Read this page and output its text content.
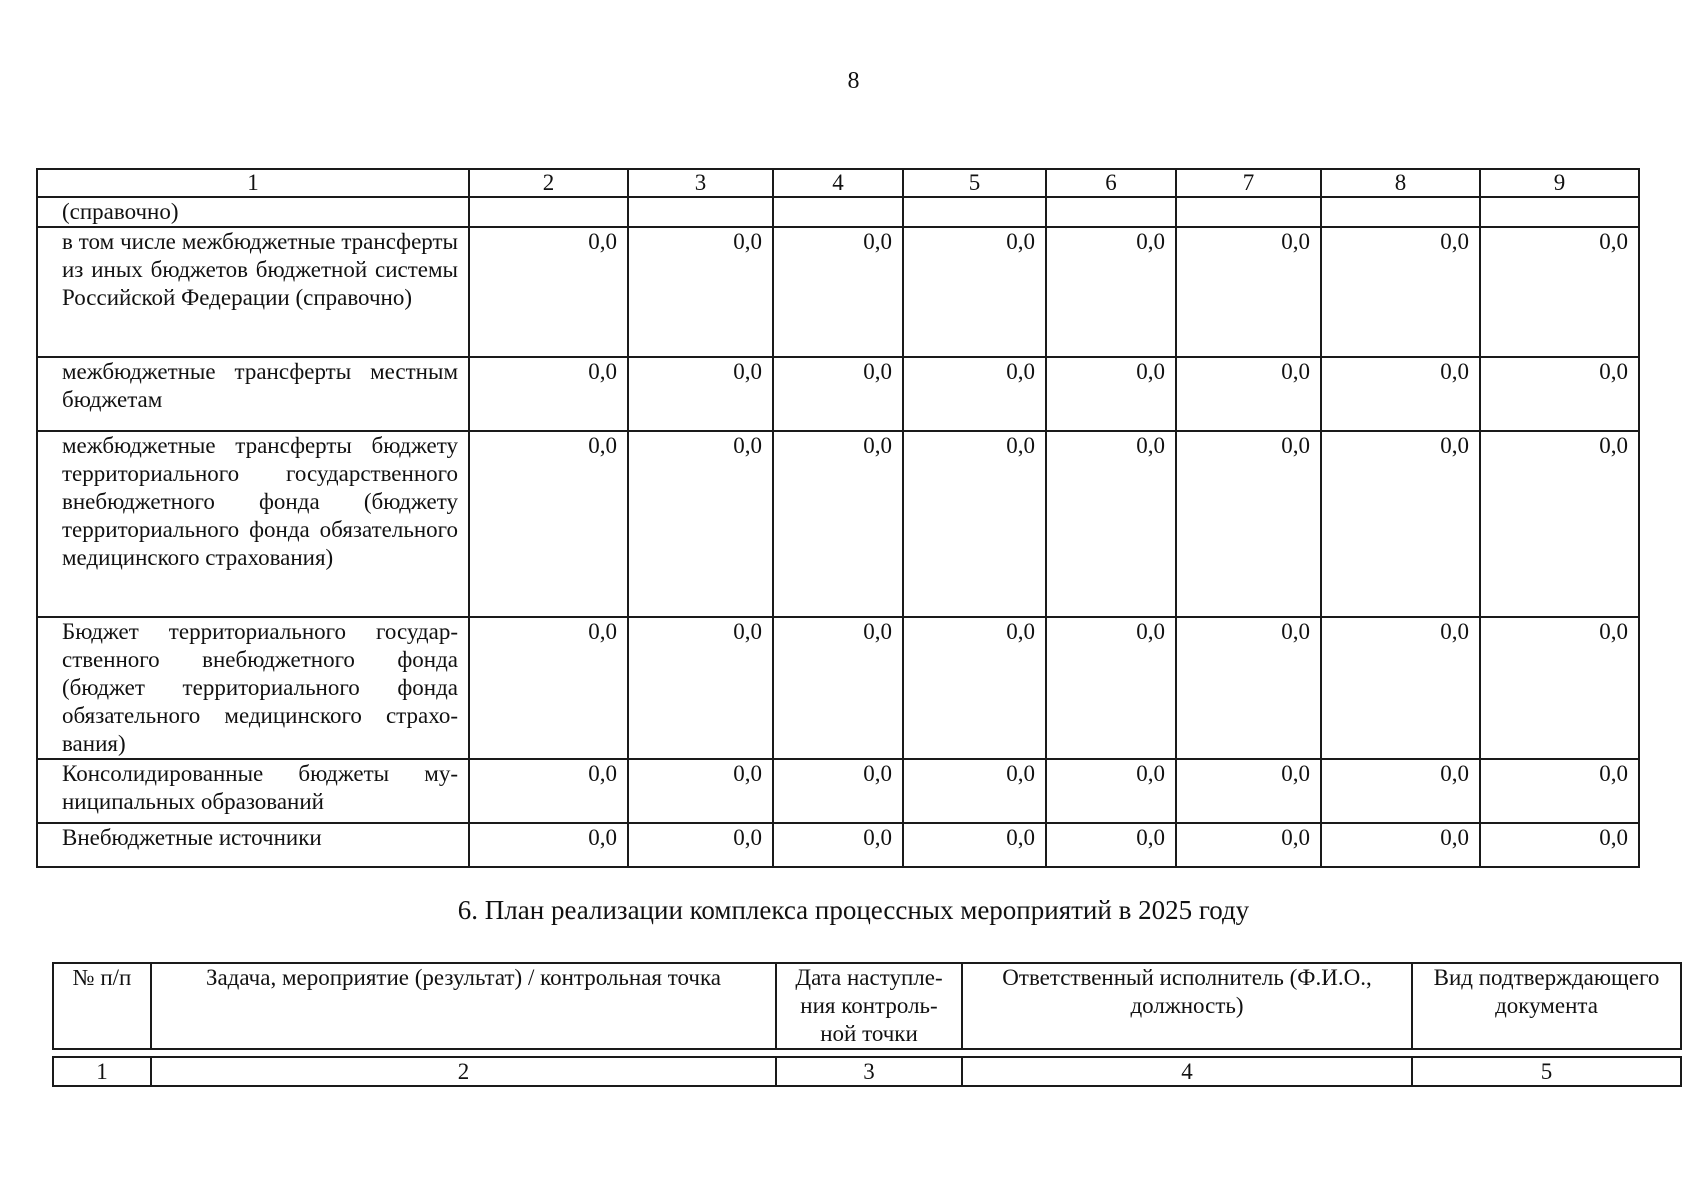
8
1	2	3	4	5	6	7	8	9
(справочно)								
в том числе межбюджетные трансферты из иных бюджетов бюджетной системы Российской Федерации (справочно)	0,0	0,0	0,0	0,0	0,0	0,0	0,0	0,0
межбюджетные трансферты местным бюджетам	0,0	0,0	0,0	0,0	0,0	0,0	0,0	0,0
межбюджетные трансферты бюджету территориального государственного внебюджетного фонда (бюджету территориального фонда обязательного медицинского страхования)	0,0	0,0	0,0	0,0	0,0	0,0	0,0	0,0
Бюджет территориального государственного внебюджетного фонда (бюджет территориального фонда обязательного медицинского страхования)	0,0	0,0	0,0	0,0	0,0	0,0	0,0	0,0
Консолидированные бюджеты муниципальных образований	0,0	0,0	0,0	0,0	0,0	0,0	0,0	0,0
Внебюджетные источники	0,0	0,0	0,0	0,0	0,0	0,0	0,0	0,0
6. План реализации комплекса процессных мероприятий в 2025 году
№ п/п	Задача, мероприятие (результат) / контрольная точка	Дата наступления контрольной точки	Ответственный исполнитель (Ф.И.О., должность)	Вид подтверждающего документа

1	2	3	4	5
